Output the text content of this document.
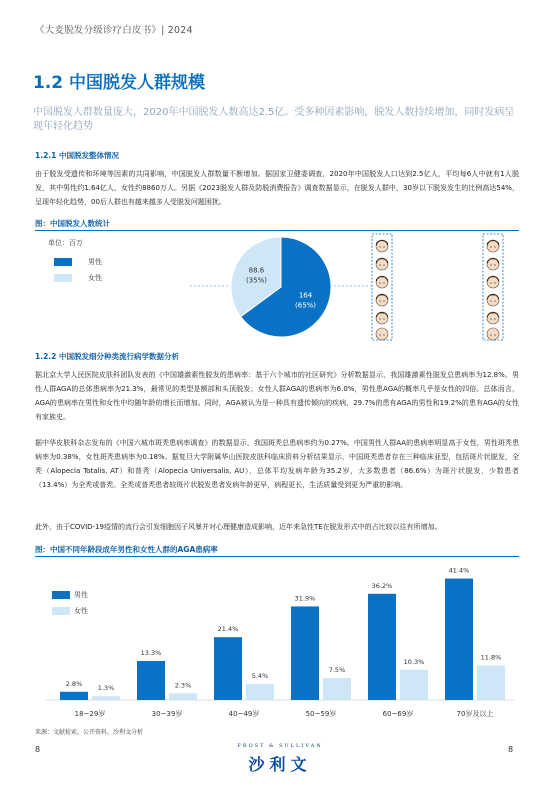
《大麦脱发分级诊疗白皮书》| 2024
1.2 中国脱发人群规模
中国脱发人群数量庞大，2020年中国脱发人数高达2.5亿。受多种因素影响，脱发人数持续增加，同时发病呈现年轻化趋势
1.2.1 中国脱发整体情况
由于脱发受遗传和环境等因素的共同影响，中国脱发人群数量不断增加。据国家卫健委调查，2020年中国脱发人口达到2.5亿人，平均每6人中就有1人脱发，其中男性约1.64亿人，女性约8860万人。另据《2023脱发人群及防脱消费报告》调查数据显示，在脱发人群中，30岁以下脱发发生的比例高达54%，呈现年轻化趋势，00后人群也有越来越多人受脱发问题困扰。
图：中国脱发人数统计
单位：百万
男性
女性
164
(65%)
88.6
(35%)
1.2.2 中国脱发细分种类流行病学数据分析
据北京大学人民医院皮肤科团队发表的《中国雄激素性脱发的患病率：基于六个城市的社区研究》分析数据显示，我国雄激素性脱发总患病率为12.8%。男性人群AGA的总体患病率为21.3%，最常见的类型是额部和头顶脱发；女性人群AGA的患病率为6.0%，男性患AGA的概率几乎是女性的四倍。总体而言，AGA的患病率在男性和女性中均随年龄的增长而增加。同时，AGA被认为是一种具有遗传倾向的疾病，29.7%的患有AGA的男性和19.2%的患有AGA的女性有家族史。
据中华皮肤科杂志发布的《中国六城市斑秃患病率调查》的数据显示，我国斑秃总患病率约为0.27%。中国男性人群AA的患病率明显高于女性，男性斑秃患病率为0.38%，女性斑秃患病率为0.18%。据复旦大学附属华山医院皮肤科临床资料分析结果显示，中国斑秃患者存在三种临床亚型，包括斑片状脱发，全秃（Alopecia Totalis, AT）和普秃（Alopecia Universalis, AU），总体平均发病年龄为35.2岁，大多数患者（86.6%）为斑片状脱发，少数患者（13.4%）为全秃或普秃。全秃或普秃患者较斑片状脱发患者发病年龄更早，病程更长，生活质量受到更为严重的影响。
此外，由于COVID-19疫情的流行会引发细胞因子风暴并对心理健康造成影响，近年来急性TE在脱发形式中的占比较以往有所增加。
图：中国不同年龄段成年男性和女性人群的AGA患病率
男性
女性
2.8%
1.3%
18~29岁
13.3%
2.3%
30~39岁
21.4%
5.4%
40~49岁
31.9%
7.5%
50~59岁
36.2%
10.3%
60~69岁
41.4%
11.8%
70岁及以上
来源：文献检索，公开资料，沙利文分析
8	8
FROST & SULLIVAN
沙利文
